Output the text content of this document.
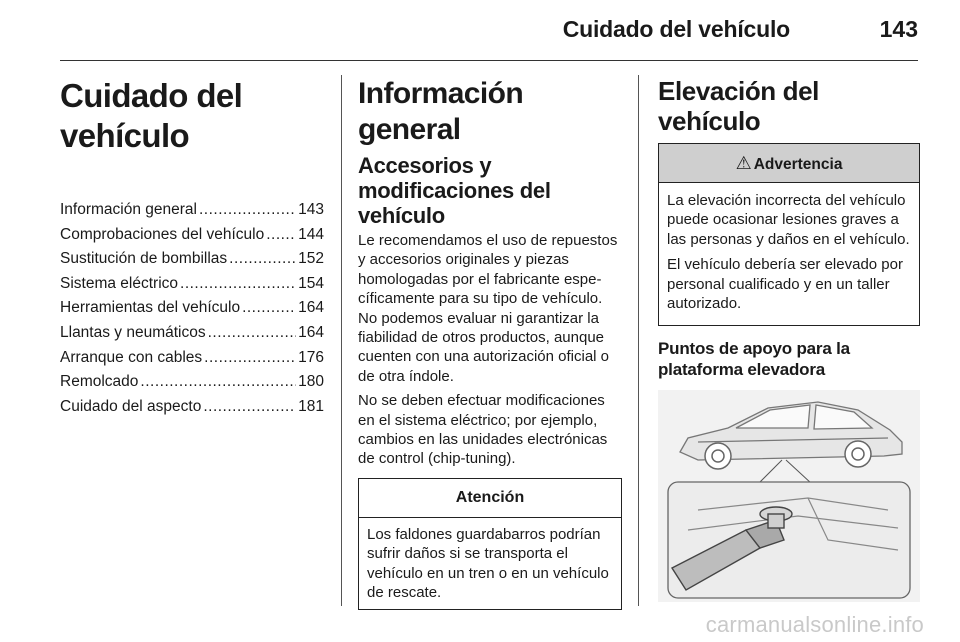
Cuidado del vehículo	143
Cuidado del vehículo
Información general .....	143
Comprobaciones del vehículo ..... 144
Sustitución de bombillas .....	152
Sistema eléctrico .....	154
Herramientas del vehículo .....	164
Llantas y neumáticos .....	164
Arranque con cables .....	176
Remolcado .....	180
Cuidado del aspecto .....	181
Información general
Accesorios y modificaciones del vehículo

Le recomendamos el uso de repuestos y accesorios originales y piezas homologadas por el fabricante específicamente para su tipo de vehículo. No podemos evaluar ni garantizar la fiabilidad de otros productos, aunque cuenten con una autorización oficial o de otra índole.

No se deben efectuar modificaciones en el sistema eléctrico; por ejemplo, cambios en las unidades electrónicas de control (chip-tuning).

Atención
Los faldones guardabarros podrían sufrir daños si se transporta el vehículo en un tren o en un vehículo de rescate.
Elevación del vehículo
⚠ Advertencia

La elevación incorrecta del vehículo puede ocasionar lesiones graves a las personas y daños en el vehículo.

El vehículo debería ser elevado por personal cualificado y en un taller autorizado.

Puntos de apoyo para la plataforma elevadora
carmanualsonline.info
